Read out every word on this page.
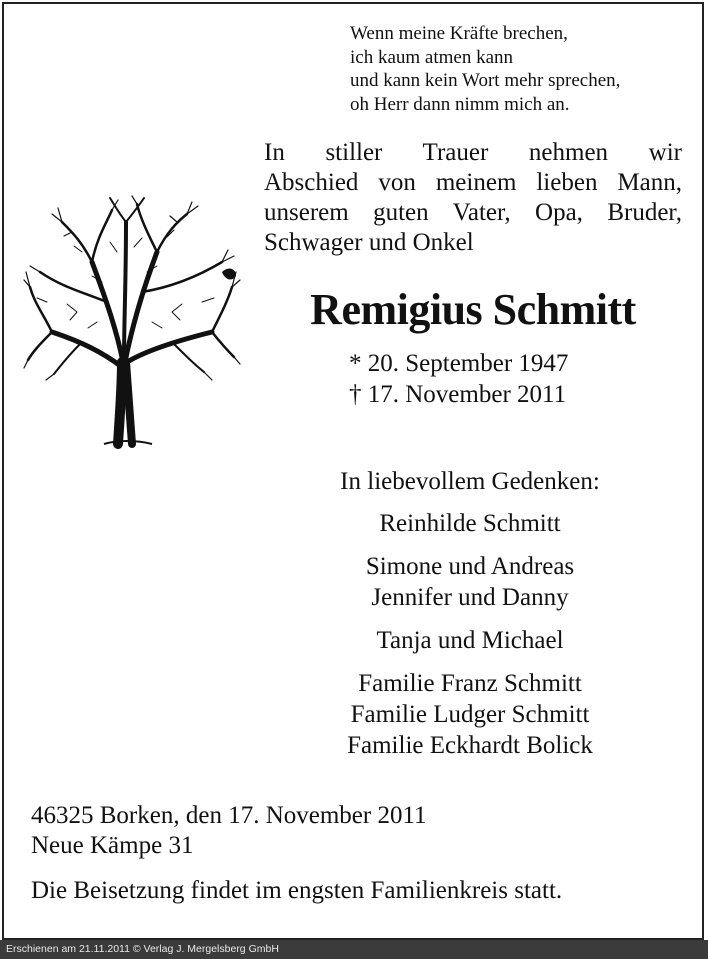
Wenn meine Kräfte brechen,
ich kaum atmen kann
und kann kein Wort mehr sprechen,
oh Herr dann nimm mich an.
In stiller Trauer nehmen wir
Abschied von meinem lieben Mann,
unserem guten Vater, Opa, Bruder,
Schwager und Onkel
Remigius Schmitt
* 20. September 1947
† 17. November 2011
In liebevollem Gedenken:
Reinhilde Schmitt
Simone und Andreas
Jennifer und Danny
Tanja und Michael
Familie Franz Schmitt
Familie Ludger Schmitt
Familie Eckhardt Bolick
46325 Borken, den 17. November 2011
Neue Kämpe 31
Die Beisetzung findet im engsten Familienkreis statt.
Erschienen am 21.11.2011 © Verlag J. Mergelsberg GmbH
